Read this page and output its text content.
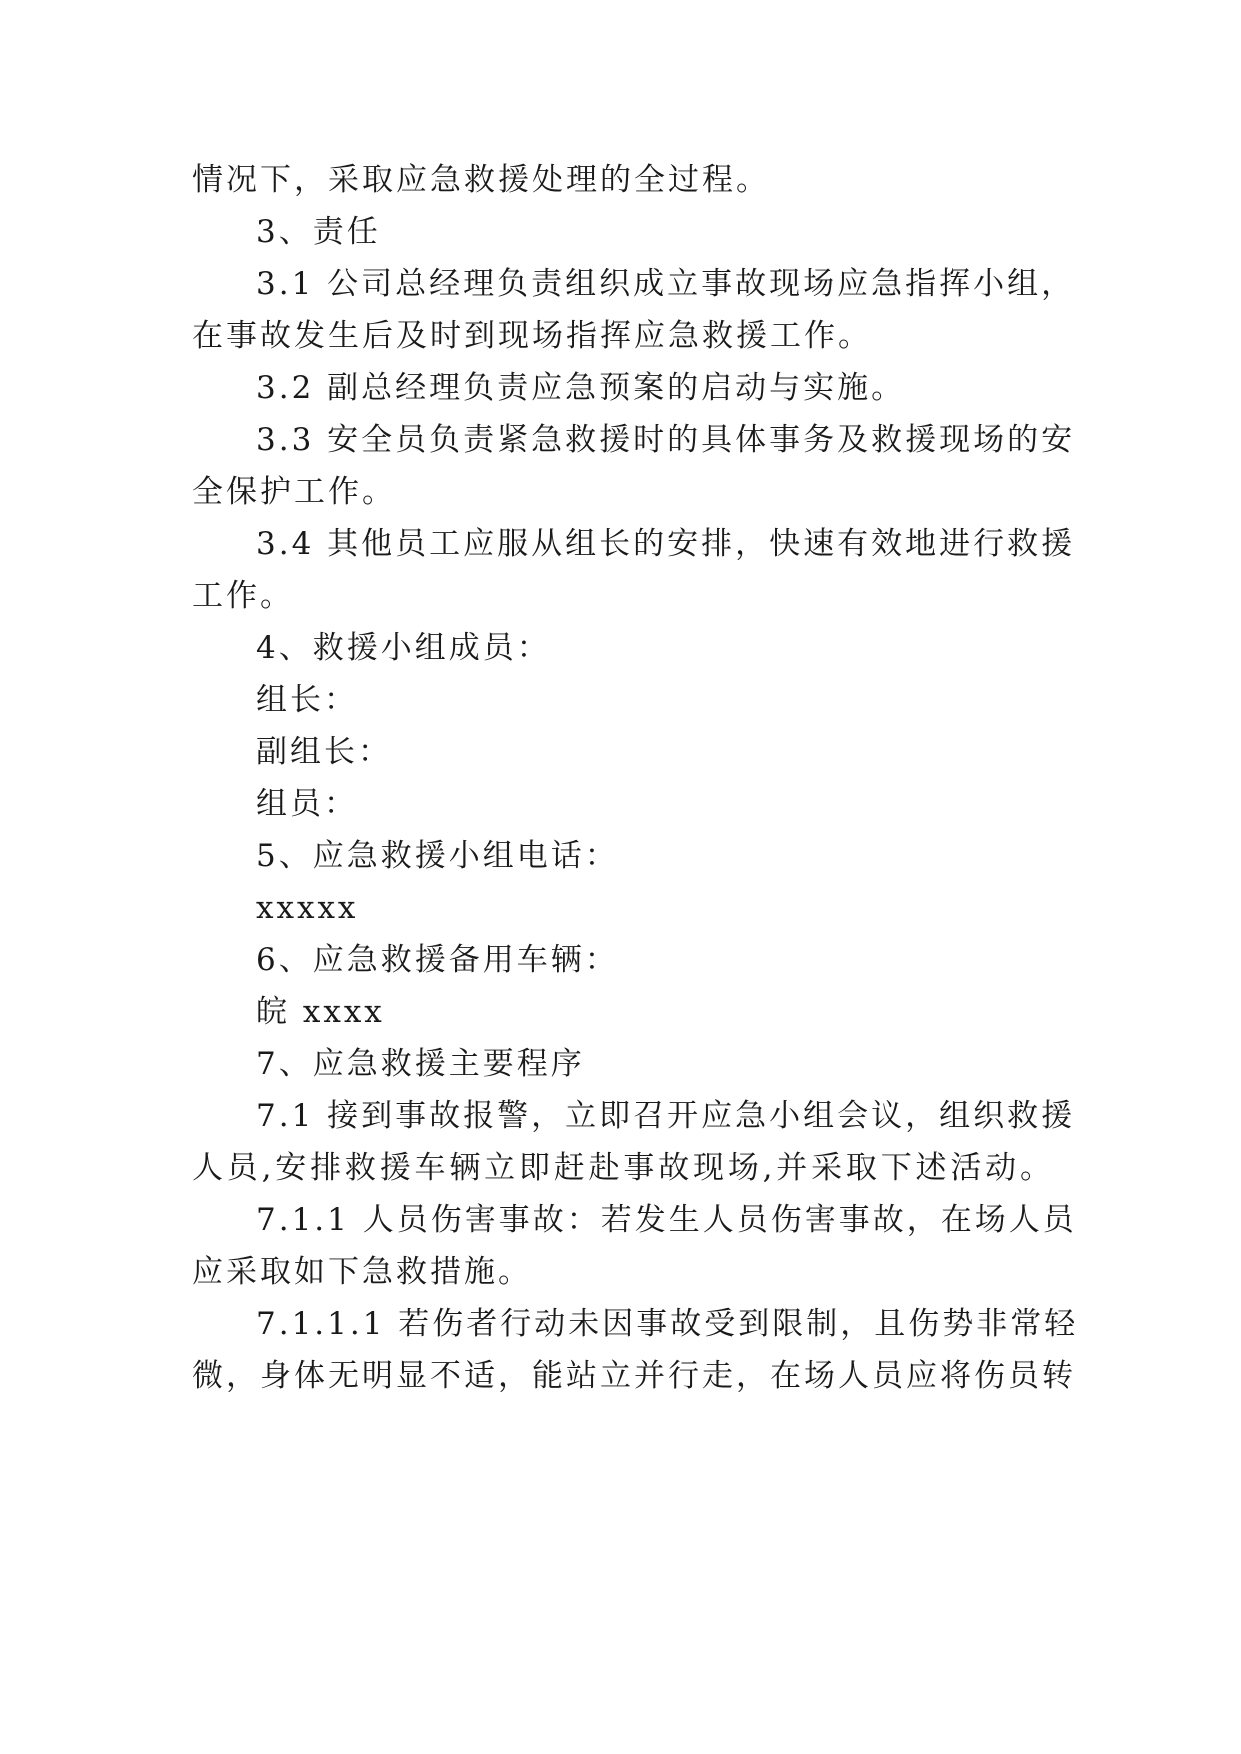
情况下，采取应急救援处理的全过程。
3、责任
3.1 公司总经理负责组织成立事故现场应急指挥小组，
在事故发生后及时到现场指挥应急救援工作。
3.2 副总经理负责应急预案的启动与实施。
3.3 安全员负责紧急救援时的具体事务及救援现场的安
全保护工作。
3.4 其他员工应服从组长的安排，快速有效地进行救援
工作。
4、救援小组成员：
组长：
副组长：
组员：
5、应急救援小组电话：
xxxxx
6、应急救援备用车辆：
皖 xxxx
7、应急救援主要程序
7.1 接到事故报警，立即召开应急小组会议，组织救援
人员,安排救援车辆立即赶赴事故现场,并采取下述活动。
7.1.1 人员伤害事故：若发生人员伤害事故，在场人员
应采取如下急救措施。
7.1.1.1 若伤者行动未因事故受到限制，且伤势非常轻
微，身体无明显不适，能站立并行走，在场人员应将伤员转
